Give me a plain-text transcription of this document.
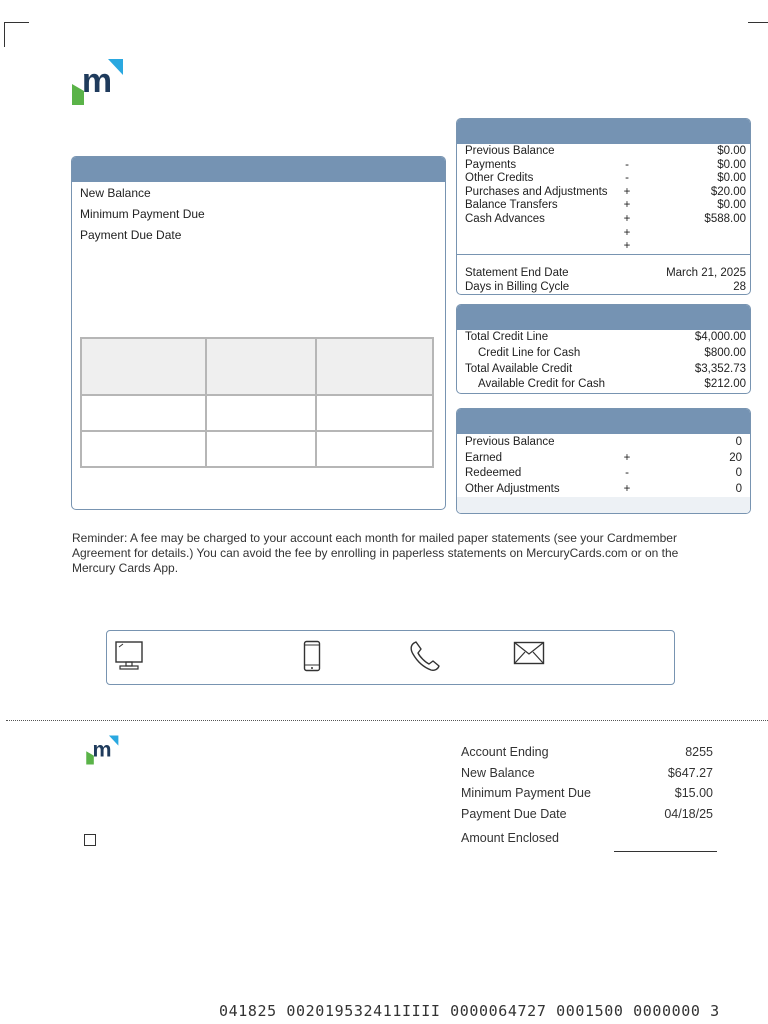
m
New Balance
Minimum Payment Due
Payment Due Date

Previous Balance	$0.00
Payments	-	$0.00
Other Credits	-	$0.00
Purchases and Adjustments +	$20.00
Balance Transfers	+	$0.00
Cash Advances	+	$588.00
+
+
Statement End Date	March 21, 2025
Days in Billing Cycle	28
Total Credit Line	$4,000.00
Credit Line for Cash	$800.00
Total Available Credit	$3,352.73
Available Credit for Cash	$212.00
Previous Balance	0
Earned	+	20
Redeemed	-	0
Other Adjustments	+	0
Reminder: A fee may be charged to your account each month for mailed paper statements (see your Cardmember Agreement for details.) You can avoid the fee by enrolling in paperless statements on MercuryCards.com or on the Mercury Cards App.
m	Account Ending	8255
New Balance	$647.27
Minimum Payment Due	$15.00
Payment Due Date	04/18/25
Amount Enclosed
041825 002019532411IIII 0000064727 0001500 0000000 3
